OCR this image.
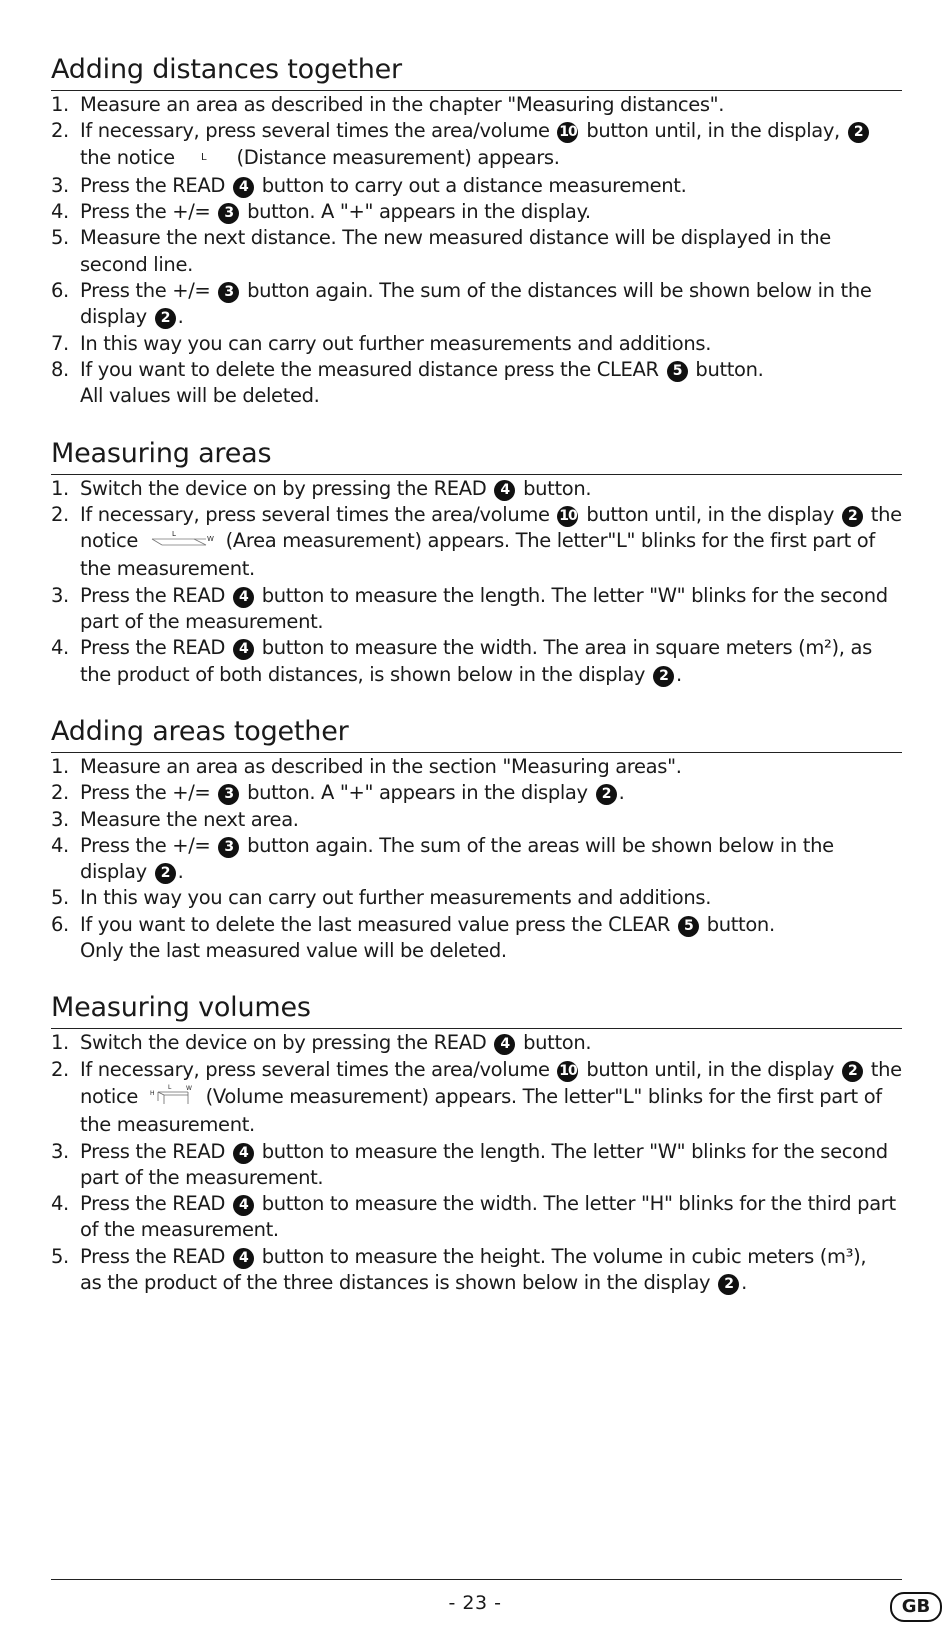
Adding distances together
1. Measure an area as described in the chapter "Measuring distances".
2. If necessary, press several times the area/volume 10 button until, in the display, 2 the notice L (Distance measurement) appears.
3. Press the READ 4 button to carry out a distance measurement.
4. Press the +/= 3 button. A "+" appears in the display.
5. Measure the next distance. The new measured distance will be displayed in the second line.
6. Press the +/= 3 button again. The sum of the distances will be shown below in the display 2 .
7. In this way you can carry out further measurements and additions.
8. If you want to delete the measured distance press the CLEAR 5 button.
All values will be deleted.
Measuring areas
1. Switch the device on by pressing the READ 4 button.
2. If necessary, press several times the area/volume 10 button until, in the display 2 the notice	L
W (Area measurement) appears. The letter"L" blinks for the first part of the measurement.
3. Press the READ 4 button to measure the length. The letter "W" blinks for the second part of the measurement.
4. Press the READ 4 button to measure the width. The area in square meters (m²), as the product of both distances, is shown below in the display 2 .
Adding areas together
1. Measure an area as described in the section "Measuring areas".
2. Press the +/= 3 button. A "+" appears in the display 2 .
3. Measure the next area.
4. Press the +/= 3 button again. The sum of the areas will be shown below in the display 2 .
5. In this way you can carry out further measurements and additions.
6. If you want to delete the last measured value press the CLEAR 5 button.
Only the last measured value will be deleted.
Measuring volumes
1. Switch the device on by pressing the READ 4 button.
2. If necessary, press several times the area/volume 10 button until, in the display 2 the notice	L	W
H (Volume measurement) appears. The letter"L" blinks for the first part of the measurement.
3. Press the READ 4 button to measure the length. The letter "W" blinks for the second part of the measurement.
4. Press the READ 4 button to measure the width. The letter "H" blinks for the third part of the measurement.
5. Press the READ 4 button to measure the height. The volume in cubic meters (m³),
as the product of the three distances is shown below in the display 2 .
- 23 -	GB
